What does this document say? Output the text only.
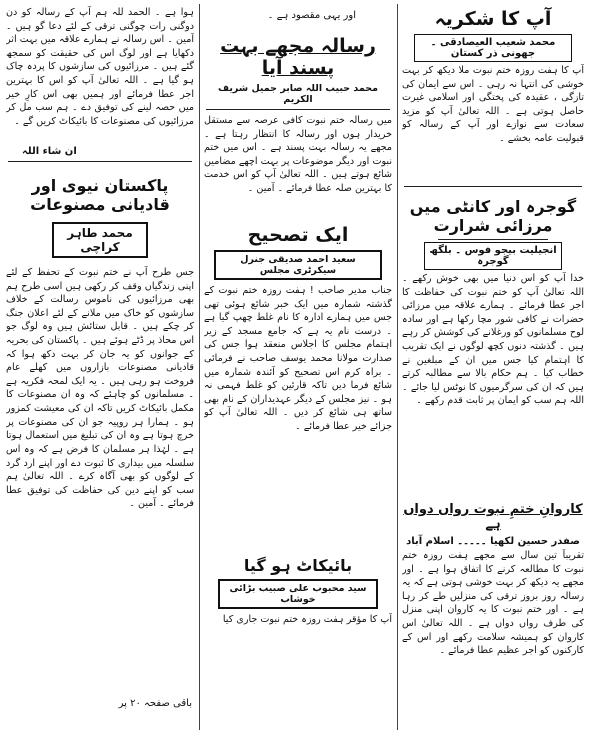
آپ کا شکریہ
محمد شعیب العیصادقی ۔ جھونی ذر کستان

آپ کا ہفت روزہ ختم نبوت ملا دیکھ کر بہت خوشی کی انتہا نہ رہی ۔ اس سے ایمان کی تازگی ، عقیدہ کی پختگی اور اسلامی غیرت حاصل ہوتی ہے ۔ اللہ تعالیٰ آپ کو مزید سعادت سے نوازے اور آپ کے رسالہ کو قبولیت عامہ بخشے ۔

گوجرہ اور کانٹی میں مرزائی شرارت
انجیلیت بیجو فوس ۔ بلگھ گوجرہ

خدا آپ کو اس دنیا میں بھی خوش رکھے ۔ اللہ تعالیٰ آپ کو ختم نبوت کی حفاظت کا اجر عطا فرمائے ۔ ہمارے علاقہ میں مرزائی حضرات نے کافی شور مچا رکھا ہے اور سادہ لوح مسلمانوں کو ورغلانے کی کوشش کر رہے ہیں ۔ گذشتہ دنوں کچھ لوگوں نے ایک تقریب کا اہتمام کیا جس میں ان کے مبلغین نے خطاب کیا ۔ ہم حکام بالا سے مطالبہ کرتے ہیں کہ ان کی سرگرمیوں کا نوٹس لیا جائے ۔ اللہ ہم سب کو ایمان پر ثابت قدم رکھے ۔

کاروانِ ختمِ نبوت رواں دواں ہے
صفدر حسین لکھیا ۔۔۔۔۔ اسلام آباد

تقریباً تین سال سے مجھے ہفت روزہ ختم نبوت کا مطالعہ کرنے کا اتفاق ہوا ہے ۔ اور مجھے یہ دیکھ کر بہت خوشی ہوتی ہے کہ یہ رسالہ روز بروز ترقی کی منزلیں طے کر رہا ہے ۔ اور ختم نبوت کا یہ کاروان اپنی منزل کی طرف رواں دواں ہے ۔ اللہ تعالیٰ اس کاروان کو ہمیشہ سلامت رکھے اور اس کے کارکنوں کو اجر عظیم عطا فرمائے ۔

اور یہی مقصود ہے ۔
رسالہ مجھے بہت پسند آیا
محمد حبیب اللہ صابر جمیل شریف الکریم

میں رسالہ ختم نبوت کافی عرصہ سے مستقل خریدار ہوں اور رسالہ کا انتظار رہتا ہے ۔ مجھے یہ رسالہ بہت پسند ہے ۔ اس میں ختم نبوت اور دیگر موضوعات پر بہت اچھے مضامین شائع ہوتے ہیں ۔ اللہ تعالیٰ آپ کو اس خدمت کا بہترین صلہ عطا فرمائے ۔ آمین ۔

ایک تصحیح
سعید احمد صدیقی جنرل سیکرٹری مجلس

جناب مدیر صاحب ! ہفت روزہ ختم نبوت کے گذشتہ شمارہ میں ایک خبر شائع ہوئی تھی جس میں ہمارے ادارہ کا نام غلط چھپ گیا ہے ۔ درست نام یہ ہے کہ جامع مسجد کے زیر اہتمام مجلس کا اجلاس منعقد ہوا جس کی صدارت مولانا محمد یوسف صاحب نے فرمائی ۔ براہ کرم اس تصحیح کو آئندہ شمارہ میں شائع فرما دیں تاکہ قارئین کو غلط فہمی نہ ہو ۔ نیز مجلس کے دیگر عہدیداران کے نام بھی ساتھ ہی شائع کر دیں ۔ اللہ تعالیٰ آپ کو جزائے خیر عطا فرمائے ۔

بائیکاٹ ہو گیا
سید محبوب علی صبیب بڑائی خوشاب

آپ کا مؤقر ہفت روزہ ختم نبوت جاری کیا

ہوا ہے ۔ الحمد للہ ہم آپ کے رسالہ کو دن دوگنی رات چوگنی ترقی کے لئے دعا گو ہیں ۔ آمین ۔ اس رسالہ نے ہمارے علاقہ میں بہت اثر دکھایا ہے اور لوگ اس کی حقیقت کو سمجھ گئے ہیں ۔ مرزائیوں کی سازشوں کا پردہ چاک ہو گیا ہے ۔ اللہ تعالیٰ آپ کو اس کا بہترین اجر عطا فرمائے اور ہمیں بھی اس کارِ خیر میں حصہ لینے کی توفیق دے ۔ ہم سب مل کر مرزائیوں کی مصنوعات کا بائیکاٹ کریں گے ۔

ان شاء اللہ
پاکستان نیوی اور قادیانی مصنوعات
محمد طاہر کراچی

جس طرح آپ نے ختم نبوت کے تحفظ کے لئے اپنی زندگیاں وقف کر رکھی ہیں اسی طرح ہم بھی مرزائیوں کی ناموس رسالت کے خلاف سازشوں کو خاک میں ملانے کے لئے اعلان جنگ کر چکے ہیں ۔ قابل ستائش ہیں وہ لوگ جو اس محاذ پر ڈٹے ہوئے ہیں ۔ پاکستان کی بحریہ کے جوانوں کو یہ جان کر بہت دکھ ہوا کہ قادیانی مصنوعات بازاروں میں کھلے عام فروخت ہو رہی ہیں ۔ یہ ایک لمحہ فکریہ ہے ۔ مسلمانوں کو چاہئے کہ وہ ان مصنوعات کا مکمل بائیکاٹ کریں تاکہ ان کی معیشت کمزور ہو ۔ ہمارا ہر روپیہ جو ان کی مصنوعات پر خرچ ہوتا ہے وہ ان کی تبلیغ میں استعمال ہوتا ہے ۔ لہٰذا ہر مسلمان کا فرض ہے کہ وہ اس سلسلہ میں بیداری کا ثبوت دے اور اپنے ارد گرد کے لوگوں کو بھی آگاہ کرے ۔ اللہ تعالیٰ ہم سب کو اپنے دین کی حفاظت کی توفیق عطا فرمائے ۔ آمین ۔

باقی صفحہ ۲۰ پر
